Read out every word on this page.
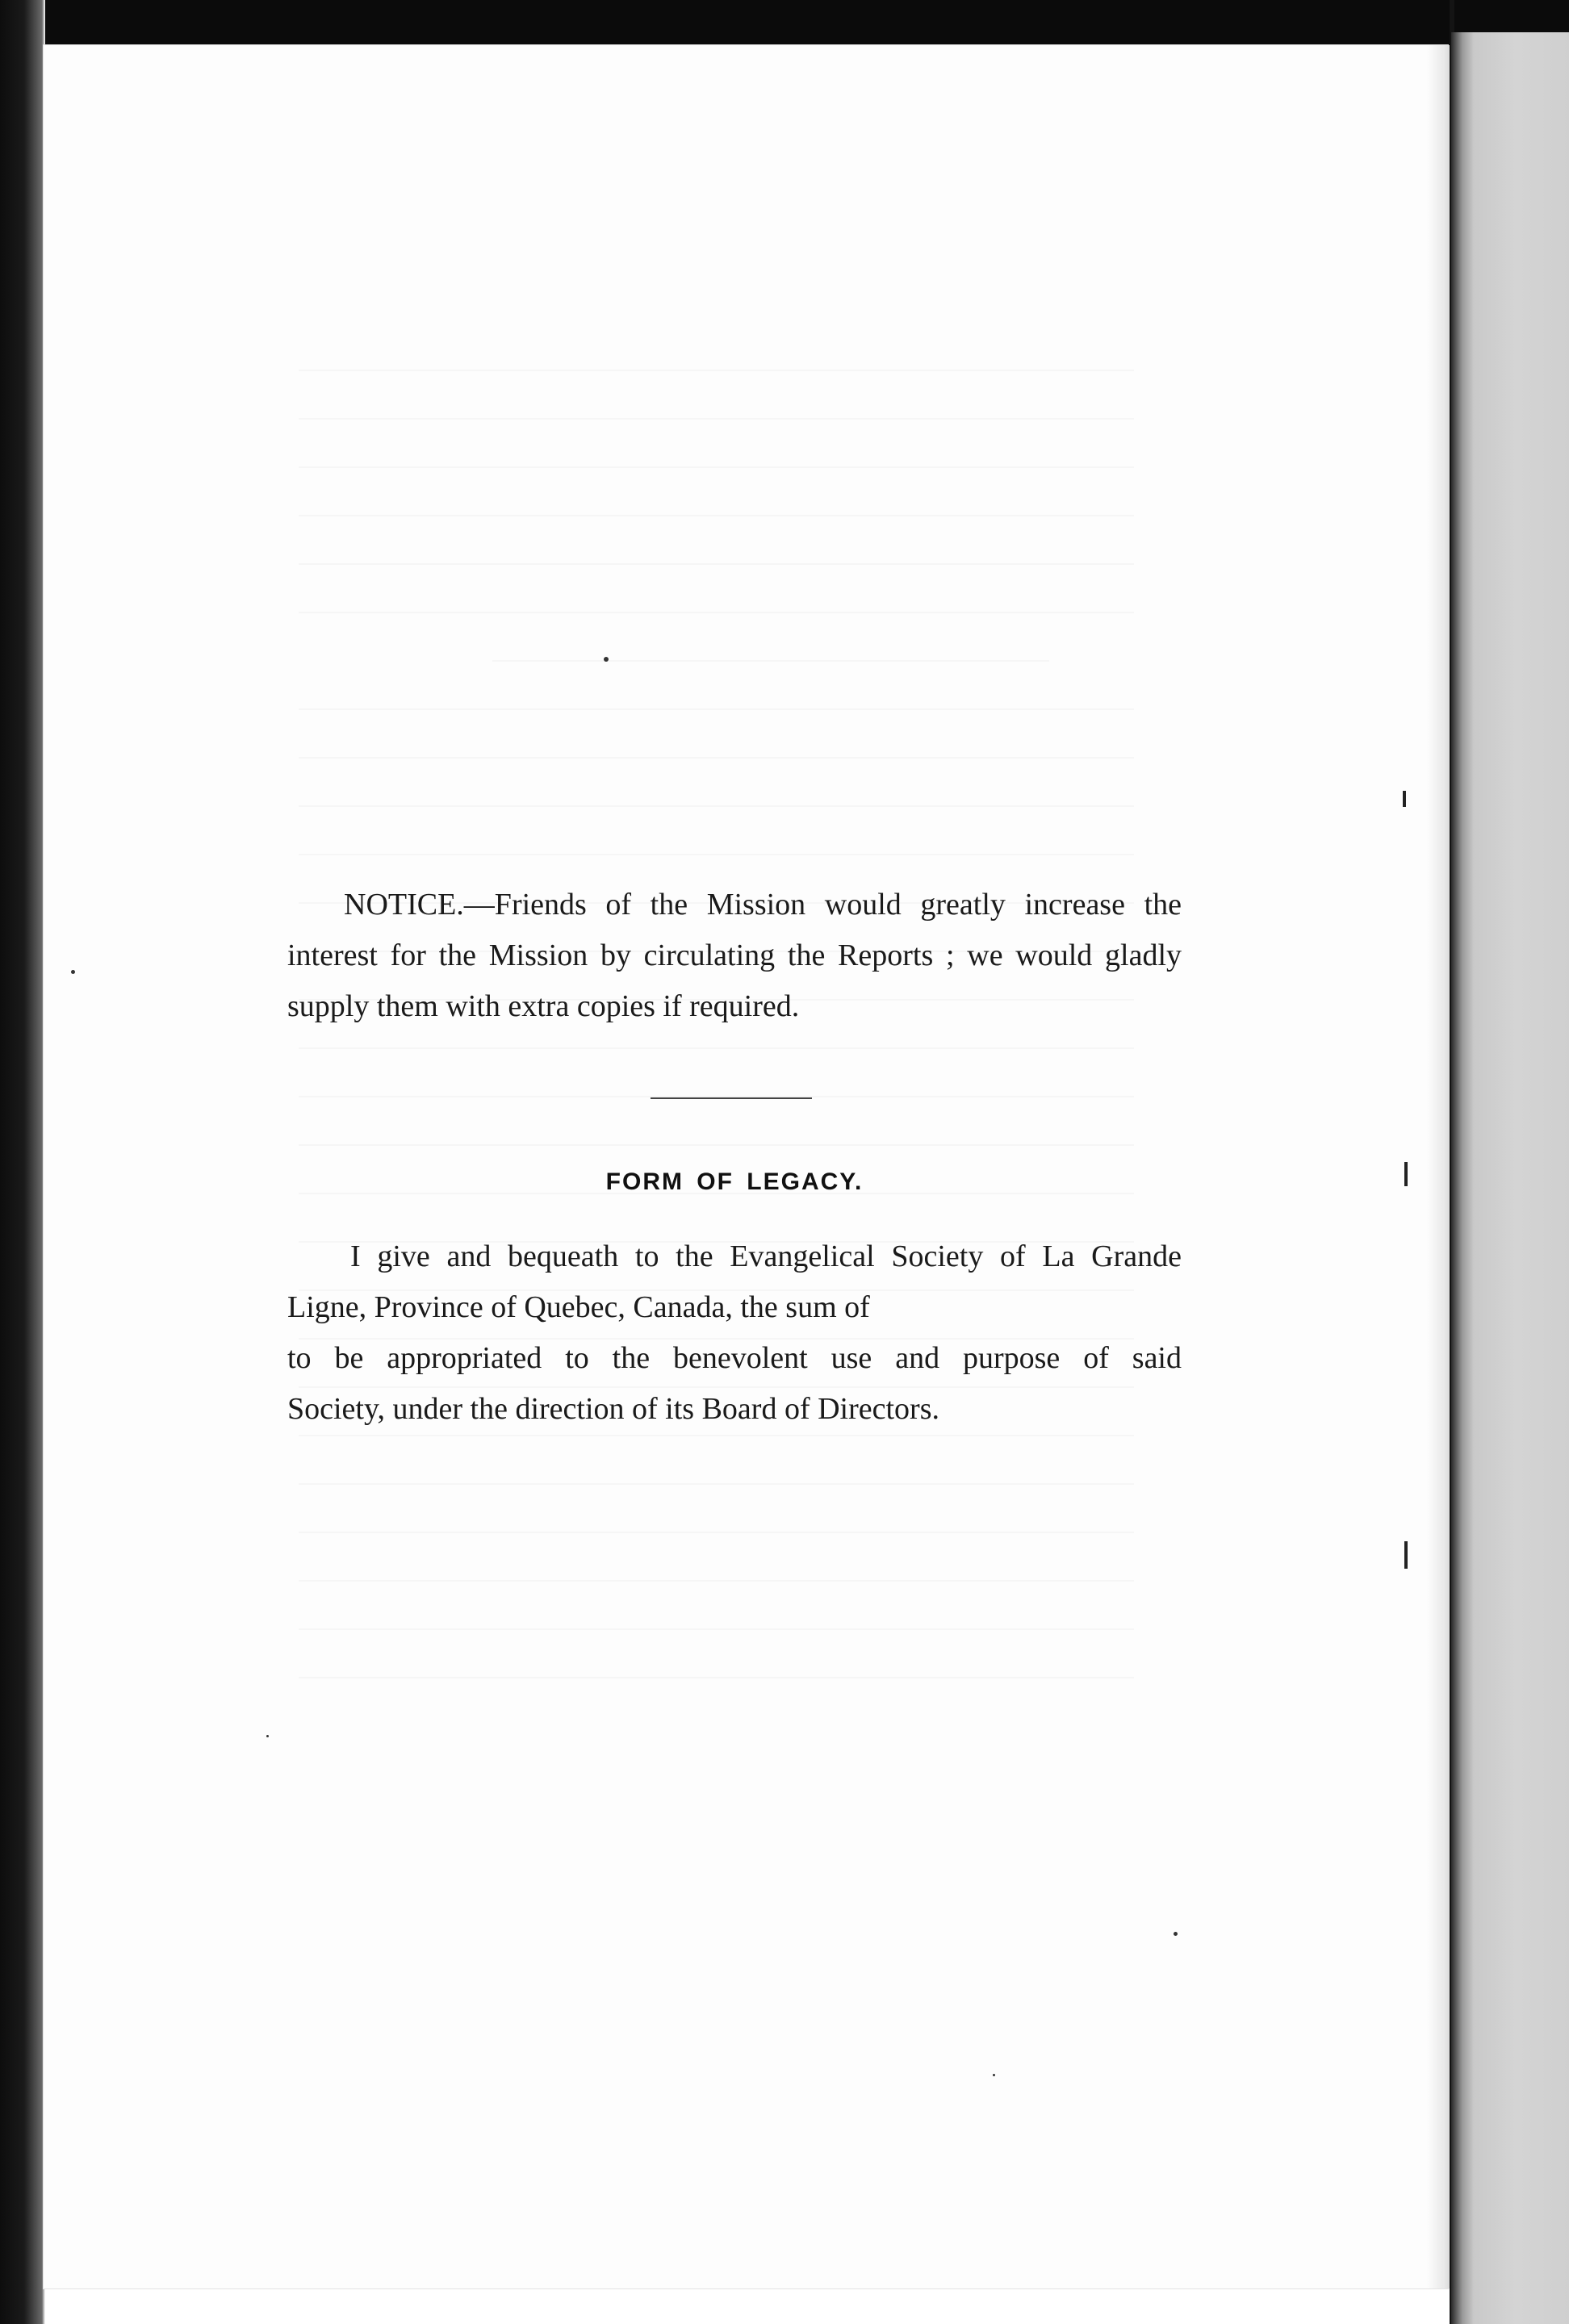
NOTICE.—Friends of the Mission would greatly increase the interest for the Mission by circulating the Reports ; we would gladly supply them with extra copies if required.

FORM OF LEGACY.
I give and bequeath to the Evangelical Society of La Grande
Ligne, Province of Quebec, Canada, the sum of
to be appropriated to the benevolent use and purpose of said
Society, under the direction of its Board of Directors.
